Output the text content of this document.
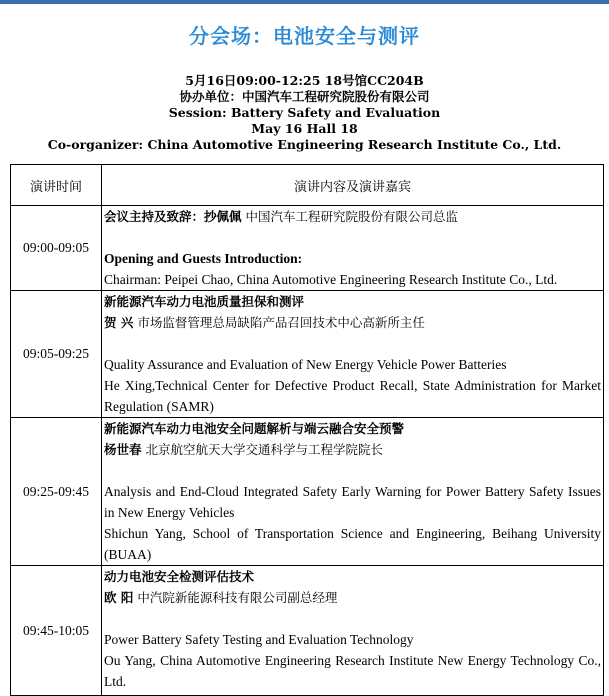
分会场：电池安全与测评
5月16日09:00-12:25 18号馆CC204B
协办单位：中国汽车工程研究院股份有限公司
Session: Battery Safety and Evaluation
May 16 Hall 18
Co-organizer: China Automotive Engineering Research Institute Co., Ltd.
演讲时间	演讲内容及演讲嘉宾
09:00-09:05	会议主持及致辞：抄佩佩 中国汽车工程研究院股份有限公司总监
Opening and Guests Introduction:
Chairman: Peipei Chao, China Automotive Engineering Research Institute Co., Ltd.

09:05-09:25	新能源汽车动力电池质量担保和测评
贺 兴 市场监督管理总局缺陷产品召回技术中心高新所主任
Quality Assurance and Evaluation of New Energy Vehicle Power Batteries
He Xing,Technical Center for Defective Product Recall, State Administration for Market Regulation (SAMR)

09:25-09:45	新能源汽车动力电池安全问题解析与端云融合安全预警
杨世春 北京航空航天大学交通科学与工程学院院长
Analysis and End-Cloud Integrated Safety Early Warning for Power Battery Safety Issues in New Energy Vehicles
Shichun Yang, School of Transportation Science and Engineering, Beihang University (BUAA)

09:45-10:05	动力电池安全检测评估技术
欧 阳 中汽院新能源科技有限公司副总经理
Power Battery Safety Testing and Evaluation Technology
Ou Yang, China Automotive Engineering Research Institute New Energy Technology Co., Ltd.
